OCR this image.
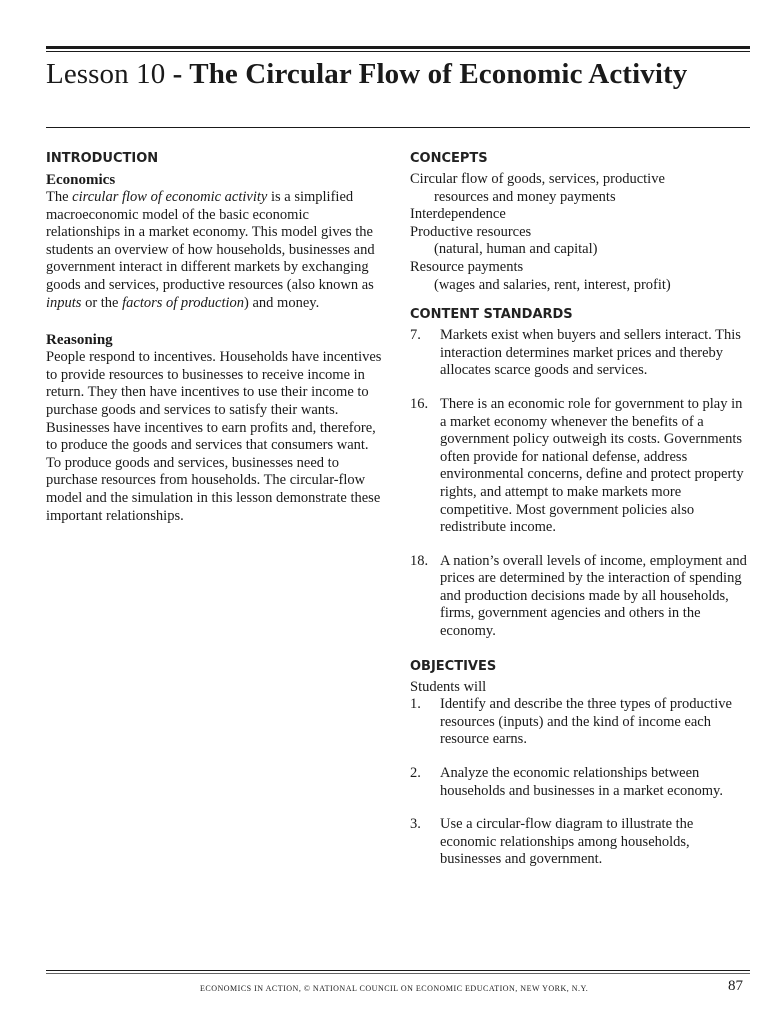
Lesson 10 - The Circular Flow of Economic Activity
INTRODUCTION
Economics

The circular flow of economic activity is a simplified macroeconomic model of the basic economic relationships in a market economy. This model gives the students an overview of how households, businesses and government interact in different markets by exchanging goods and services, productive resources (also known as inputs or the factors of production) and money.

Reasoning

People respond to incentives. Households have incentives to provide resources to businesses to receive income in return. They then have incentives to use their income to purchase goods and services to satisfy their wants. Businesses have incentives to earn profits and, therefore, to produce the goods and services that consumers want. To produce goods and services, businesses need to purchase resources from households. The circular-flow model and the simulation in this lesson demonstrate these important relationships.

CONCEPTS

Circular flow of goods, services, productive

resources and money payments

Interdependence

Productive resources

(natural, human and capital)

Resource payments

(wages and salaries, rent, interest, profit)

CONTENT STANDARDS
7.	Markets exist when buyers and sellers interact. This interaction determines market prices and thereby allocates scarce goods and services.
16. There is an economic role for government to play in a market economy whenever the benefits of a government policy outweigh its costs. Governments often provide for national defense, address environmental concerns, define and protect property rights, and attempt to make markets more competitive. Most government policies also redistribute income.
18. A nation’s overall levels of income, employment and prices are determined by the interaction of spending and production decisions made by all households, firms, government agencies and others in the economy.
OBJECTIVES

Students will

1.	Identify and describe the three types of productive resources (inputs) and the kind of income each resource earns.
2.	Analyze the economic relationships between households and businesses in a market economy.
3.	Use a circular-flow diagram to illustrate the economic relationships among households, businesses and government.
ECONOMICS IN ACTION, © NATIONAL COUNCIL ON ECONOMIC EDUCATION, NEW YORK, N.Y.	87
